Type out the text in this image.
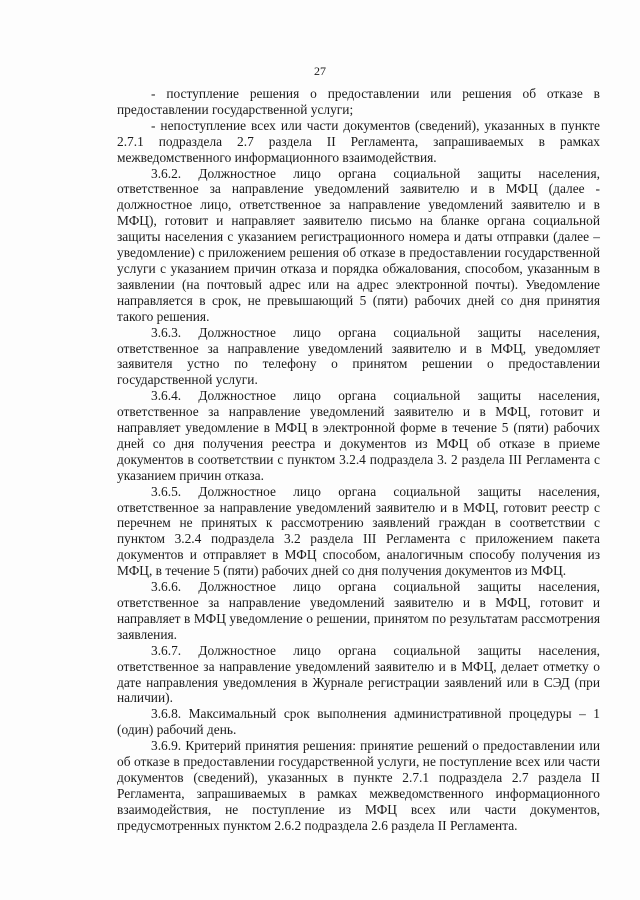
27

- поступление решения о предоставлении или решения об отказе в предоставлении государственной услуги;

- непоступление всех или части документов (сведений), указанных в пункте 2.7.1 подраздела 2.7 раздела II Регламента, запрашиваемых в рамках межведомственного информационного взаимодействия.

3.6.2. Должностное лицо органа социальной защиты населения, ответственное за направление уведомлений заявителю и в МФЦ (далее - должностное лицо, ответственное за направление уведомлений заявителю и в МФЦ), готовит и направляет заявителю письмо на бланке органа социальной защиты населения с указанием регистрационного номера и даты отправки (далее – уведомление) с приложением решения об отказе в предоставлении государственной услуги с указанием причин отказа и порядка обжалования, способом, указанным в заявлении (на почтовый адрес или на адрес электронной почты). Уведомление направляется в срок, не превышающий 5 (пяти) рабочих дней со дня принятия такого решения.

3.6.3. Должностное лицо органа социальной защиты населения, ответственное за направление уведомлений заявителю и в МФЦ, уведомляет заявителя устно по телефону о принятом решении о предоставлении государственной услуги.

3.6.4. Должностное лицо органа социальной защиты населения, ответственное за направление уведомлений заявителю и в МФЦ, готовит и направляет уведомление в МФЦ в электронной форме в течение 5 (пяти) рабочих дней со дня получения реестра и документов из МФЦ об отказе в приеме документов в соответствии с пунктом 3.2.4 подраздела 3. 2 раздела III Регламента с указанием причин отказа.

3.6.5. Должностное лицо органа социальной защиты населения, ответственное за направление уведомлений заявителю и в МФЦ, готовит реестр с перечнем не принятых к рассмотрению заявлений граждан в соответствии с пунктом 3.2.4 подраздела 3.2 раздела III Регламента с приложением пакета документов и отправляет в МФЦ способом, аналогичным способу получения из МФЦ, в течение 5 (пяти) рабочих дней со дня получения документов из МФЦ.

3.6.6. Должностное лицо органа социальной защиты населения, ответственное за направление уведомлений заявителю и в МФЦ, готовит и направляет в МФЦ уведомление о решении, принятом по результатам рассмотрения заявления.

3.6.7. Должностное лицо органа социальной защиты населения, ответственное за направление уведомлений заявителю и в МФЦ, делает отметку о дате направления уведомления в Журнале регистрации заявлений или в СЭД (при наличии).

3.6.8. Максимальный срок выполнения административной процедуры – 1 (один) рабочий день.

3.6.9. Критерий принятия решения: принятие решений о предоставлении или об отказе в предоставлении государственной услуги, не поступление всех или части документов (сведений), указанных в пункте 2.7.1 подраздела 2.7 раздела II Регламента, запрашиваемых в рамках межведомственного информационного взаимодействия, не поступление из МФЦ всех или части документов, предусмотренных пунктом 2.6.2 подраздела 2.6 раздела II Регламента.
